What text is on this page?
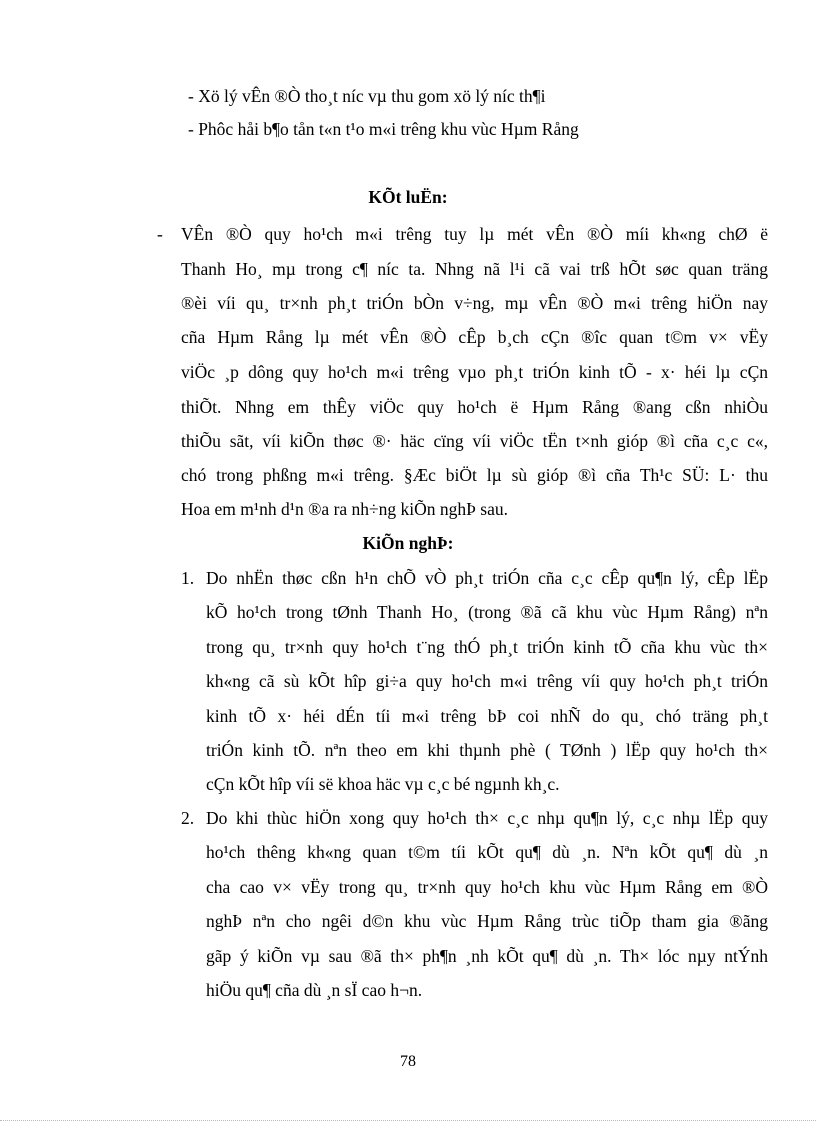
- Xö lý vÊn ®Ò tho¸t níc vµ thu gom xö lý níc th¶i
- Phôc håi b¶o tån t«n t¹o m«i trêng khu vùc Hµm Rång
KÕt luËn:
- VÊn ®Ò quy ho¹ch m«i trêng tuy lµ mét vÊn ®Ò míi kh«ng chØ ë
Thanh Ho¸ mµ trong c¶ níc ta. Nhng nã l¹i cã vai trß hÕt søc quan träng
®èi víi qu¸ tr×nh ph¸t triÓn bÒn v÷ng, mµ vÊn ®Ò m«i trêng hiÖn nay
cña Hµm Rång lµ mét vÊn ®Ò cÊp b¸ch cÇn ®îc quan t©m v× vËy
viÖc ¸p dông quy ho¹ch m«i trêng vµo ph¸t triÓn kinh tÕ - x· héi lµ cÇn
thiÕt. Nhng em thÊy viÖc quy ho¹ch ë Hµm Rång ®ang cßn nhiÒu
thiÕu sãt, víi kiÕn thøc ®· häc cïng víi viÖc tËn t×nh gióp ®ì cña c¸c c«,
chó trong phßng m«i trêng. §Æc biÖt lµ sù gióp ®ì cña Th¹c SÜ: L· thu
Hoa em m¹nh d¹n ®a ra nh÷ng kiÕn nghÞ sau.
KiÕn nghÞ:
1. Do nhËn thøc cßn h¹n chÕ vÒ ph¸t triÓn cña c¸c cÊp qu¶n lý, cÊp lËp
kÕ ho¹ch trong tØnh Thanh Ho¸ (trong ®ã cã khu vùc Hµm Rång) nªn
trong qu¸ tr×nh quy ho¹ch t¨ng thÓ ph¸t triÓn kinh tÕ cña khu vùc th×
kh«ng cã sù kÕt hîp gi÷a quy ho¹ch m«i trêng víi quy ho¹ch ph¸t triÓn
kinh tÕ x· héi dÉn tíi m«i trêng bÞ coi nhÑ do qu¸ chó träng ph¸t
triÓn kinh tÕ. nªn theo em khi thµnh phè ( TØnh ) lËp quy ho¹ch th×
cÇn kÕt hîp víi së khoa häc vµ c¸c bé ngµnh kh¸c.
2. Do khi thùc hiÖn xong quy ho¹ch th× c¸c nhµ qu¶n lý, c¸c nhµ lËp quy
ho¹ch thêng kh«ng quan t©m tíi kÕt qu¶ dù ¸n. Nªn kÕt qu¶ dù ¸n
cha cao v× vËy trong qu¸ tr×nh quy ho¹ch khu vùc Hµm Rång em ®Ò
nghÞ nªn cho ngêi d©n khu vùc Hµm Rång trùc tiÕp tham gia ®ãng
gãp ý kiÕn vµ sau ®ã th× ph¶n ¸nh kÕt qu¶ dù ¸n. Th× lóc nµy ntÝnh
hiÖu qu¶ cña dù ¸n sÏ cao h¬n.
78
